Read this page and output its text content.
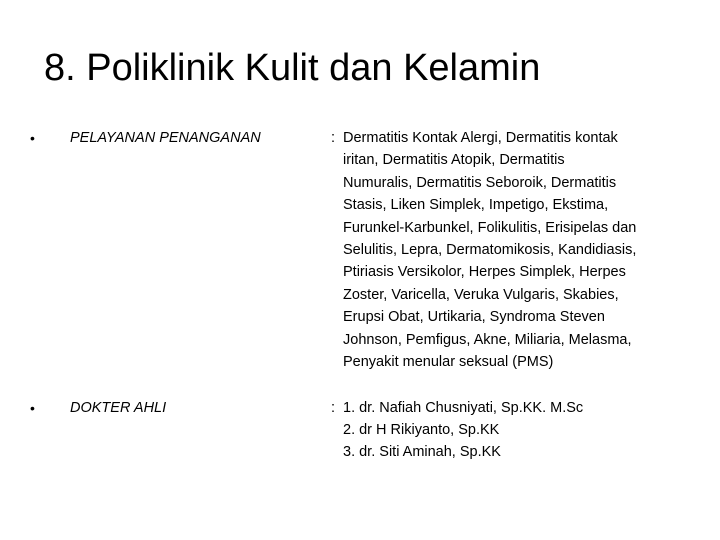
8. Poliklinik Kulit dan Kelamin
• PELAYANAN PENANGANAN	: Dermatitis Kontak Alergi, Dermatitis kontak
iritan, Dermatitis Atopik, Dermatitis
Numuralis, Dermatitis Seboroik, Dermatitis
Stasis, Liken Simplek, Impetigo, Ekstima,
Furunkel-Karbunkel, Folikulitis, Erisipelas dan
Selulitis, Lepra, Dermatomikosis, Kandidiasis,
Ptiriasis Versikolor, Herpes Simplek, Herpes
Zoster, Varicella, Veruka Vulgaris, Skabies,
Erupsi Obat, Urtikaria, Syndroma Steven
Johnson, Pemfigus, Akne, Miliaria, Melasma,
Penyakit menular seksual (PMS)
• DOKTER AHLI	: 1. dr. Nafiah Chusniyati, Sp.KK. M.Sc
2. dr H Rikiyanto, Sp.KK
3. dr. Siti Aminah, Sp.KK
